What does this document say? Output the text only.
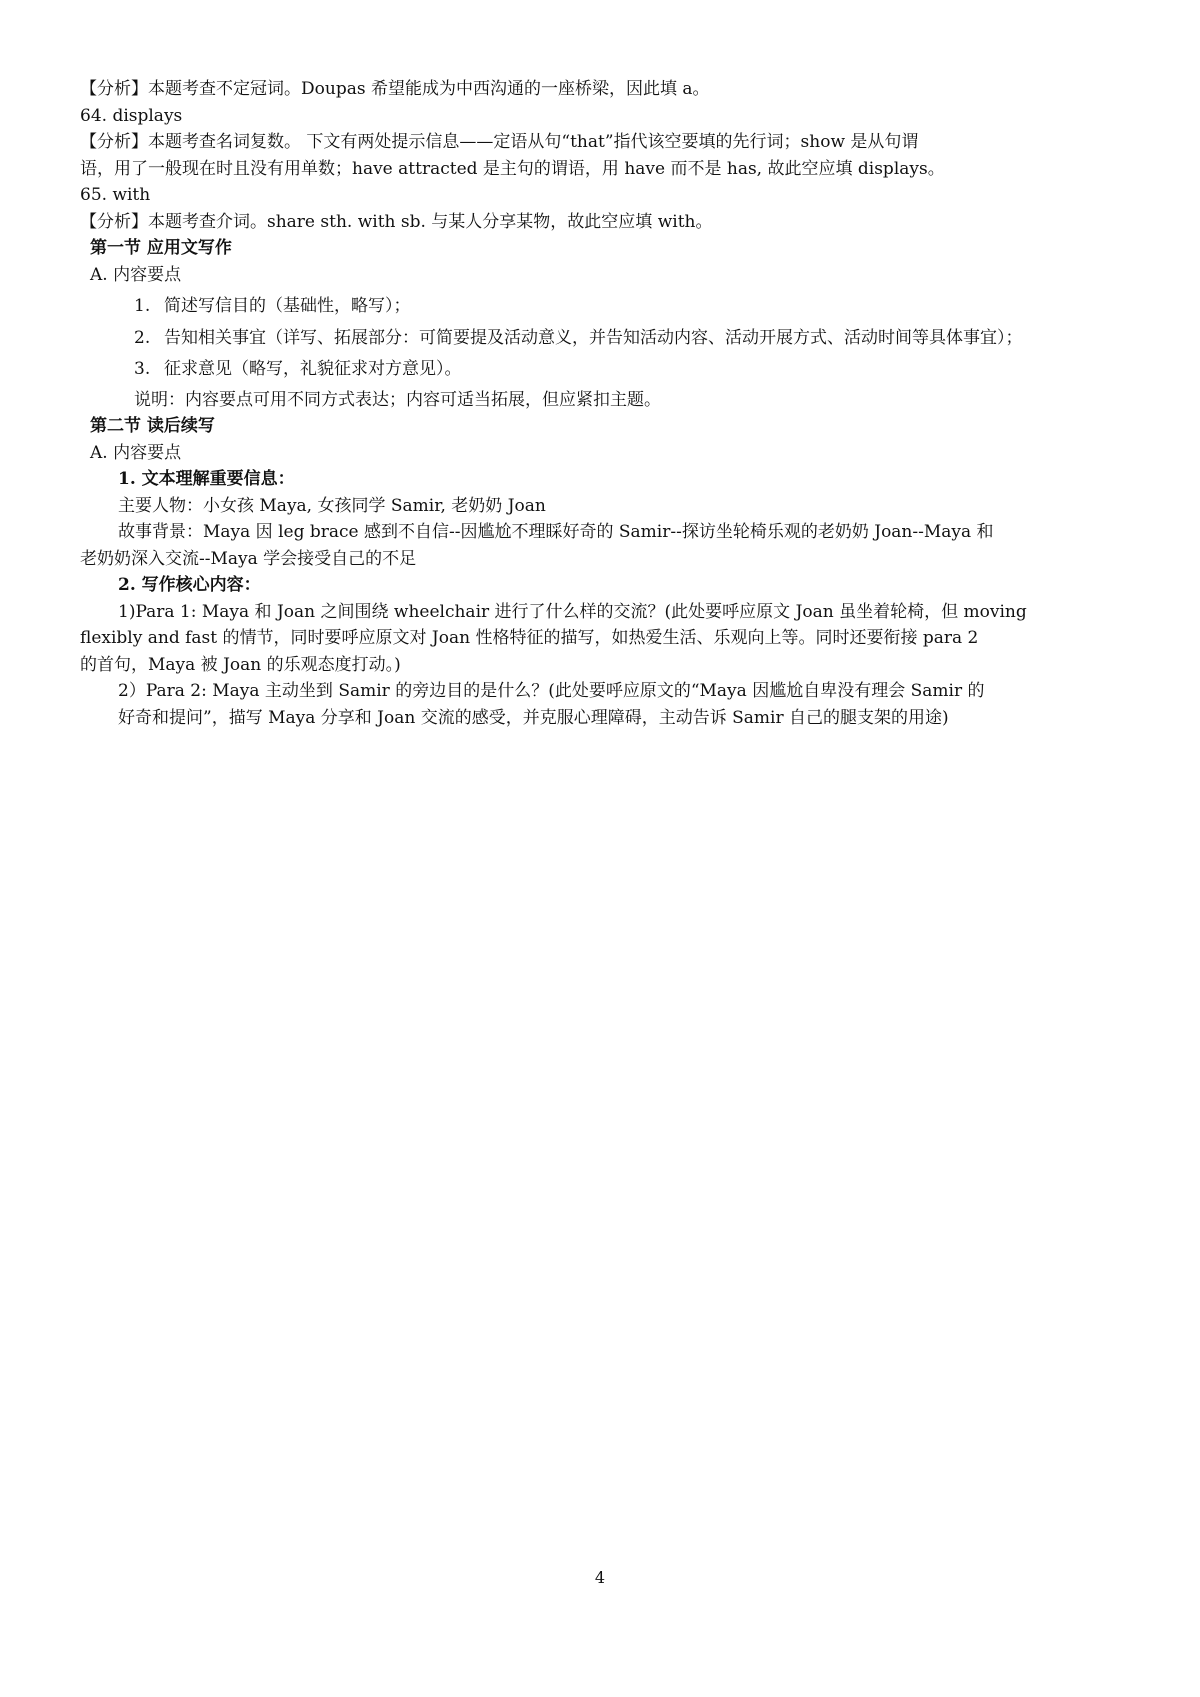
【分析】本题考查不定冠词。Doupas 希望能成为中西沟通的一座桥梁，因此填 a。
64. displays
【分析】本题考查名词复数。 下文有两处提示信息——定语从句“that”指代该空要填的先行词；show 是从句谓
语，用了一般现在时且没有用单数；have attracted 是主句的谓语，用 have 而不是 has, 故此空应填 displays。
65. with
【分析】本题考查介词。share sth. with sb. 与某人分享某物，故此空应填 with。
第一节 应用文写作
A. 内容要点
1. 简述写信目的（基础性，略写）；
2. 告知相关事宜（详写、拓展部分：可简要提及活动意义，并告知活动内容、活动开展方式、活动时间等具体事宜）；
3. 征求意见（略写，礼貌征求对方意见）。
说明：内容要点可用不同方式表达；内容可适当拓展，但应紧扣主题。
第二节 读后续写
A. 内容要点
1. 文本理解重要信息：
主要人物：小女孩 Maya, 女孩同学 Samir, 老奶奶 Joan
故事背景：Maya 因 leg brace 感到不自信--因尴尬不理睬好奇的 Samir--探访坐轮椅乐观的老奶奶 Joan--Maya 和
老奶奶深入交流--Maya 学会接受自己的不足
2. 写作核心内容：
1)Para 1: Maya 和 Joan 之间围绕 wheelchair 进行了什么样的交流？(此处要呼应原文 Joan 虽坐着轮椅，但 moving
flexibly and fast 的情节，同时要呼应原文对 Joan 性格特征的描写，如热爱生活、乐观向上等。同时还要衔接 para 2
的首句，Maya 被 Joan 的乐观态度打动。)
2）Para 2: Maya 主动坐到 Samir 的旁边目的是什么？(此处要呼应原文的“Maya 因尴尬自卑没有理会 Samir 的
好奇和提问”，描写 Maya 分享和 Joan 交流的感受，并克服心理障碍，主动告诉 Samir 自己的腿支架的用途)
4
